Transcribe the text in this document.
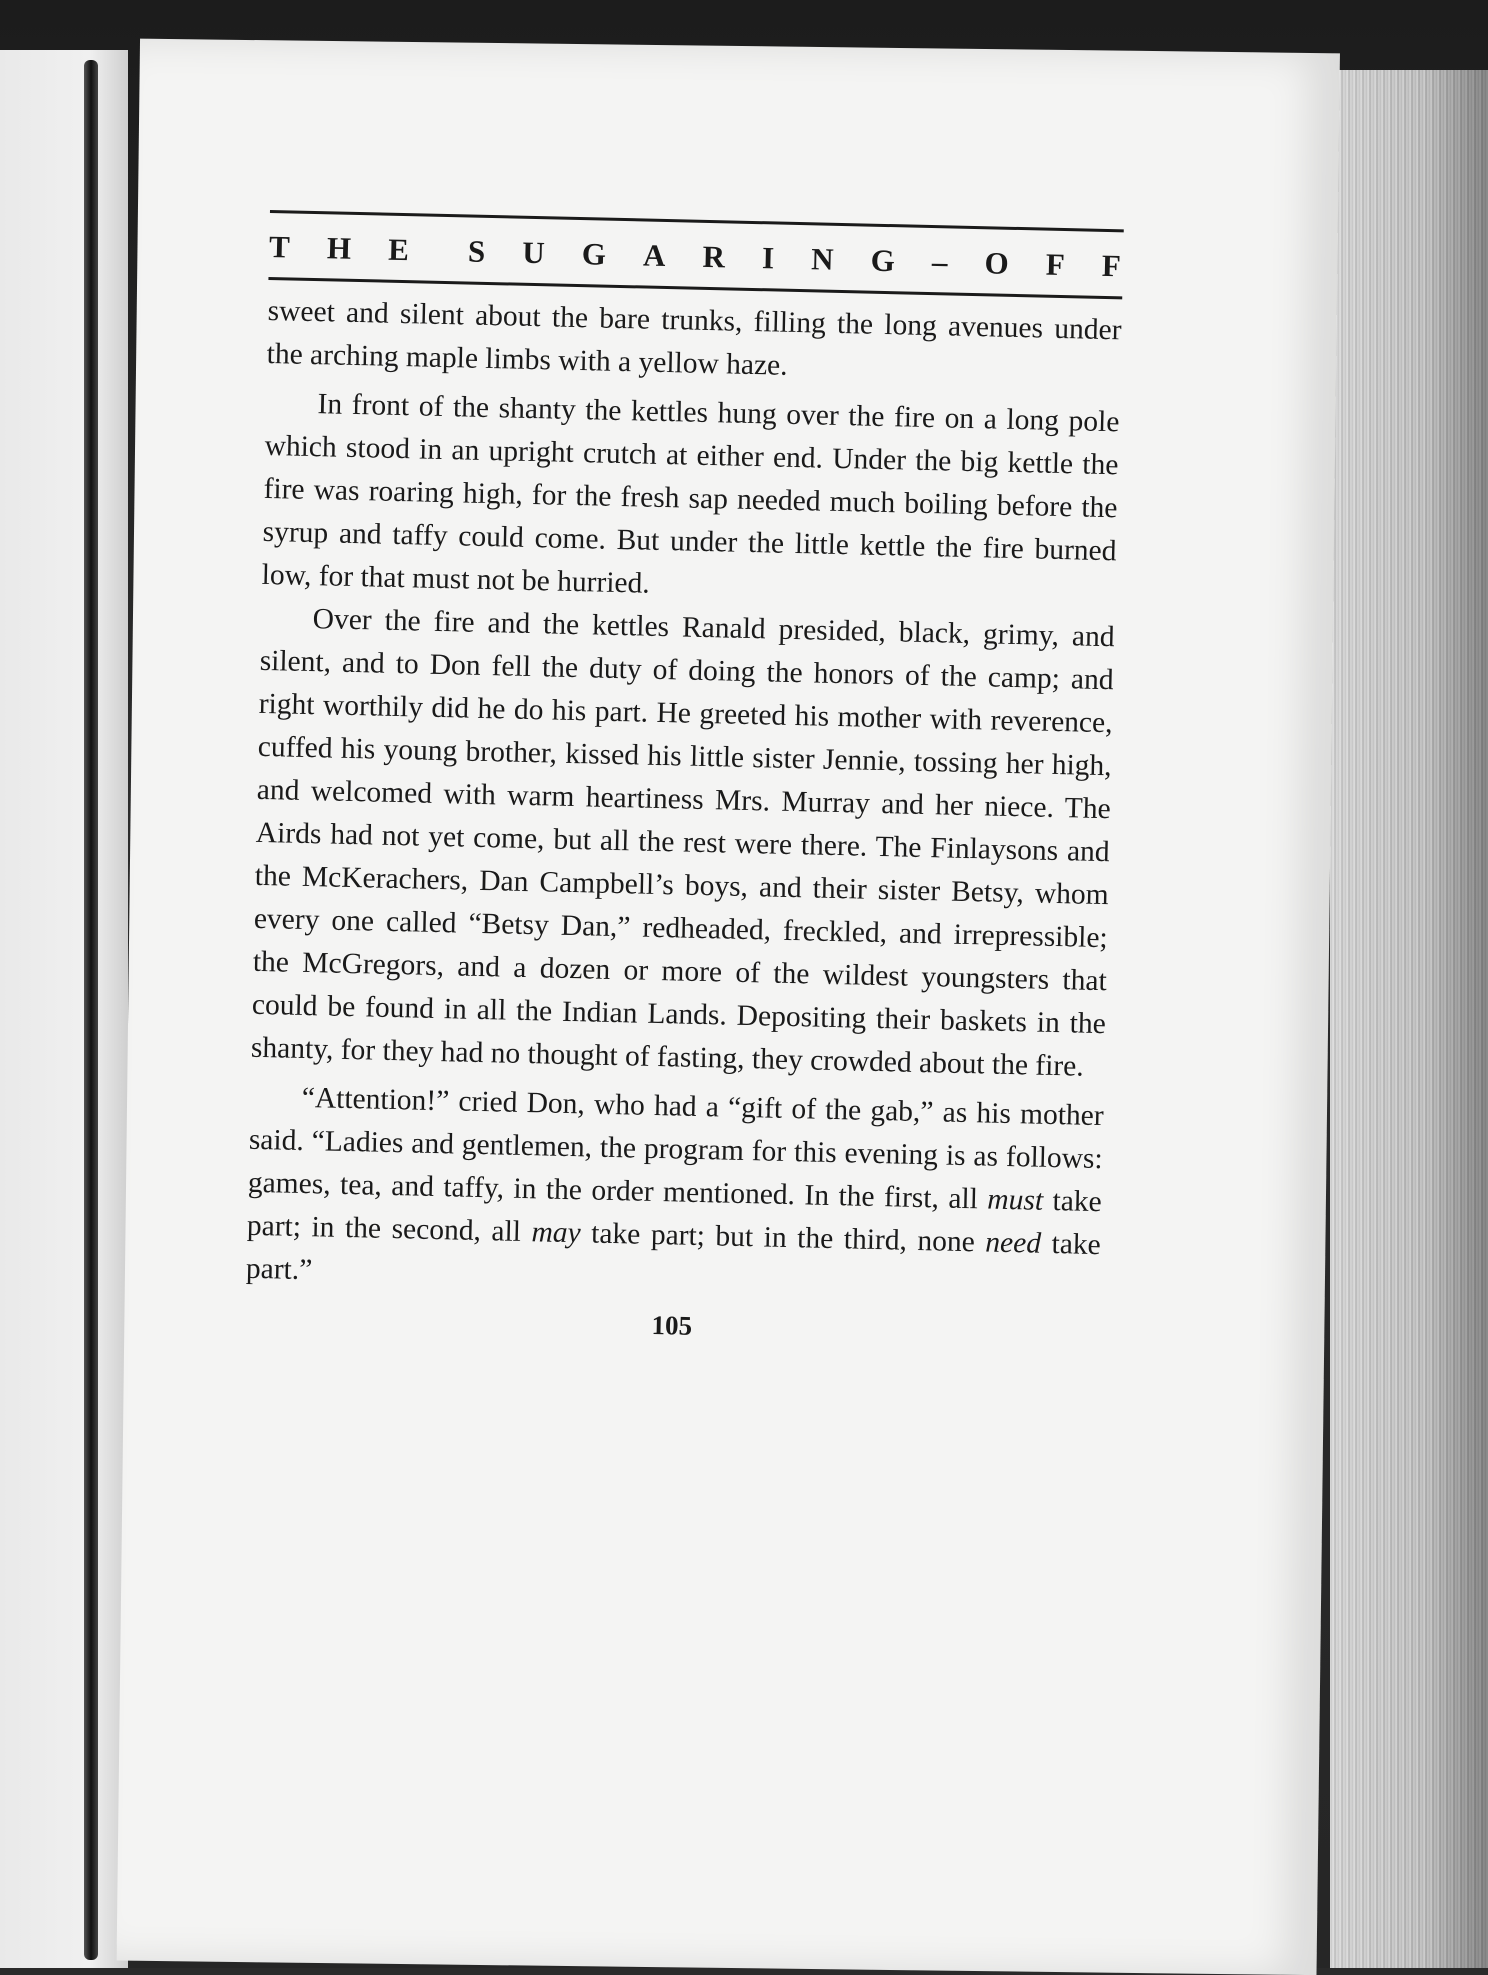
T H E S U G A R I N G – O F F

sweet and silent about the bare trunks, filling the long avenues under the arching maple limbs with a yellow haze.

In front of the shanty the kettles hung over the fire on a long pole which stood in an upright crutch at either end. Under the big kettle the fire was roaring high, for the fresh sap needed much boiling before the syrup and taffy could come. But under the little kettle the fire burned low, for that must not be hurried.

Over the fire and the kettles Ranald presided, black, grimy, and silent, and to Don fell the duty of doing the honors of the camp; and right worthily did he do his part. He greeted his mother with reverence, cuffed his young brother, kissed his little sister Jennie, tossing her high, and welcomed with warm heartiness Mrs. Murray and her niece. The Airds had not yet come, but all the rest were there. The Finlaysons and the McKerachers, Dan Campbell’s boys, and their sister Betsy, whom every one called “Betsy Dan,” redheaded, freckled, and irrepressible; the McGregors, and a dozen or more of the wildest youngsters that could be found in all the Indian Lands. Depositing their baskets in the shanty, for they had no thought of fasting, they crowded about the fire.

“Attention!” cried Don, who had a “gift of the gab,” as his mother said. “Ladies and gentlemen, the program for this evening is as follows: games, tea, and taffy, in the order mentioned. In the first, all must take part; in the second, all may take part; but in the third, none need take part.”

105
